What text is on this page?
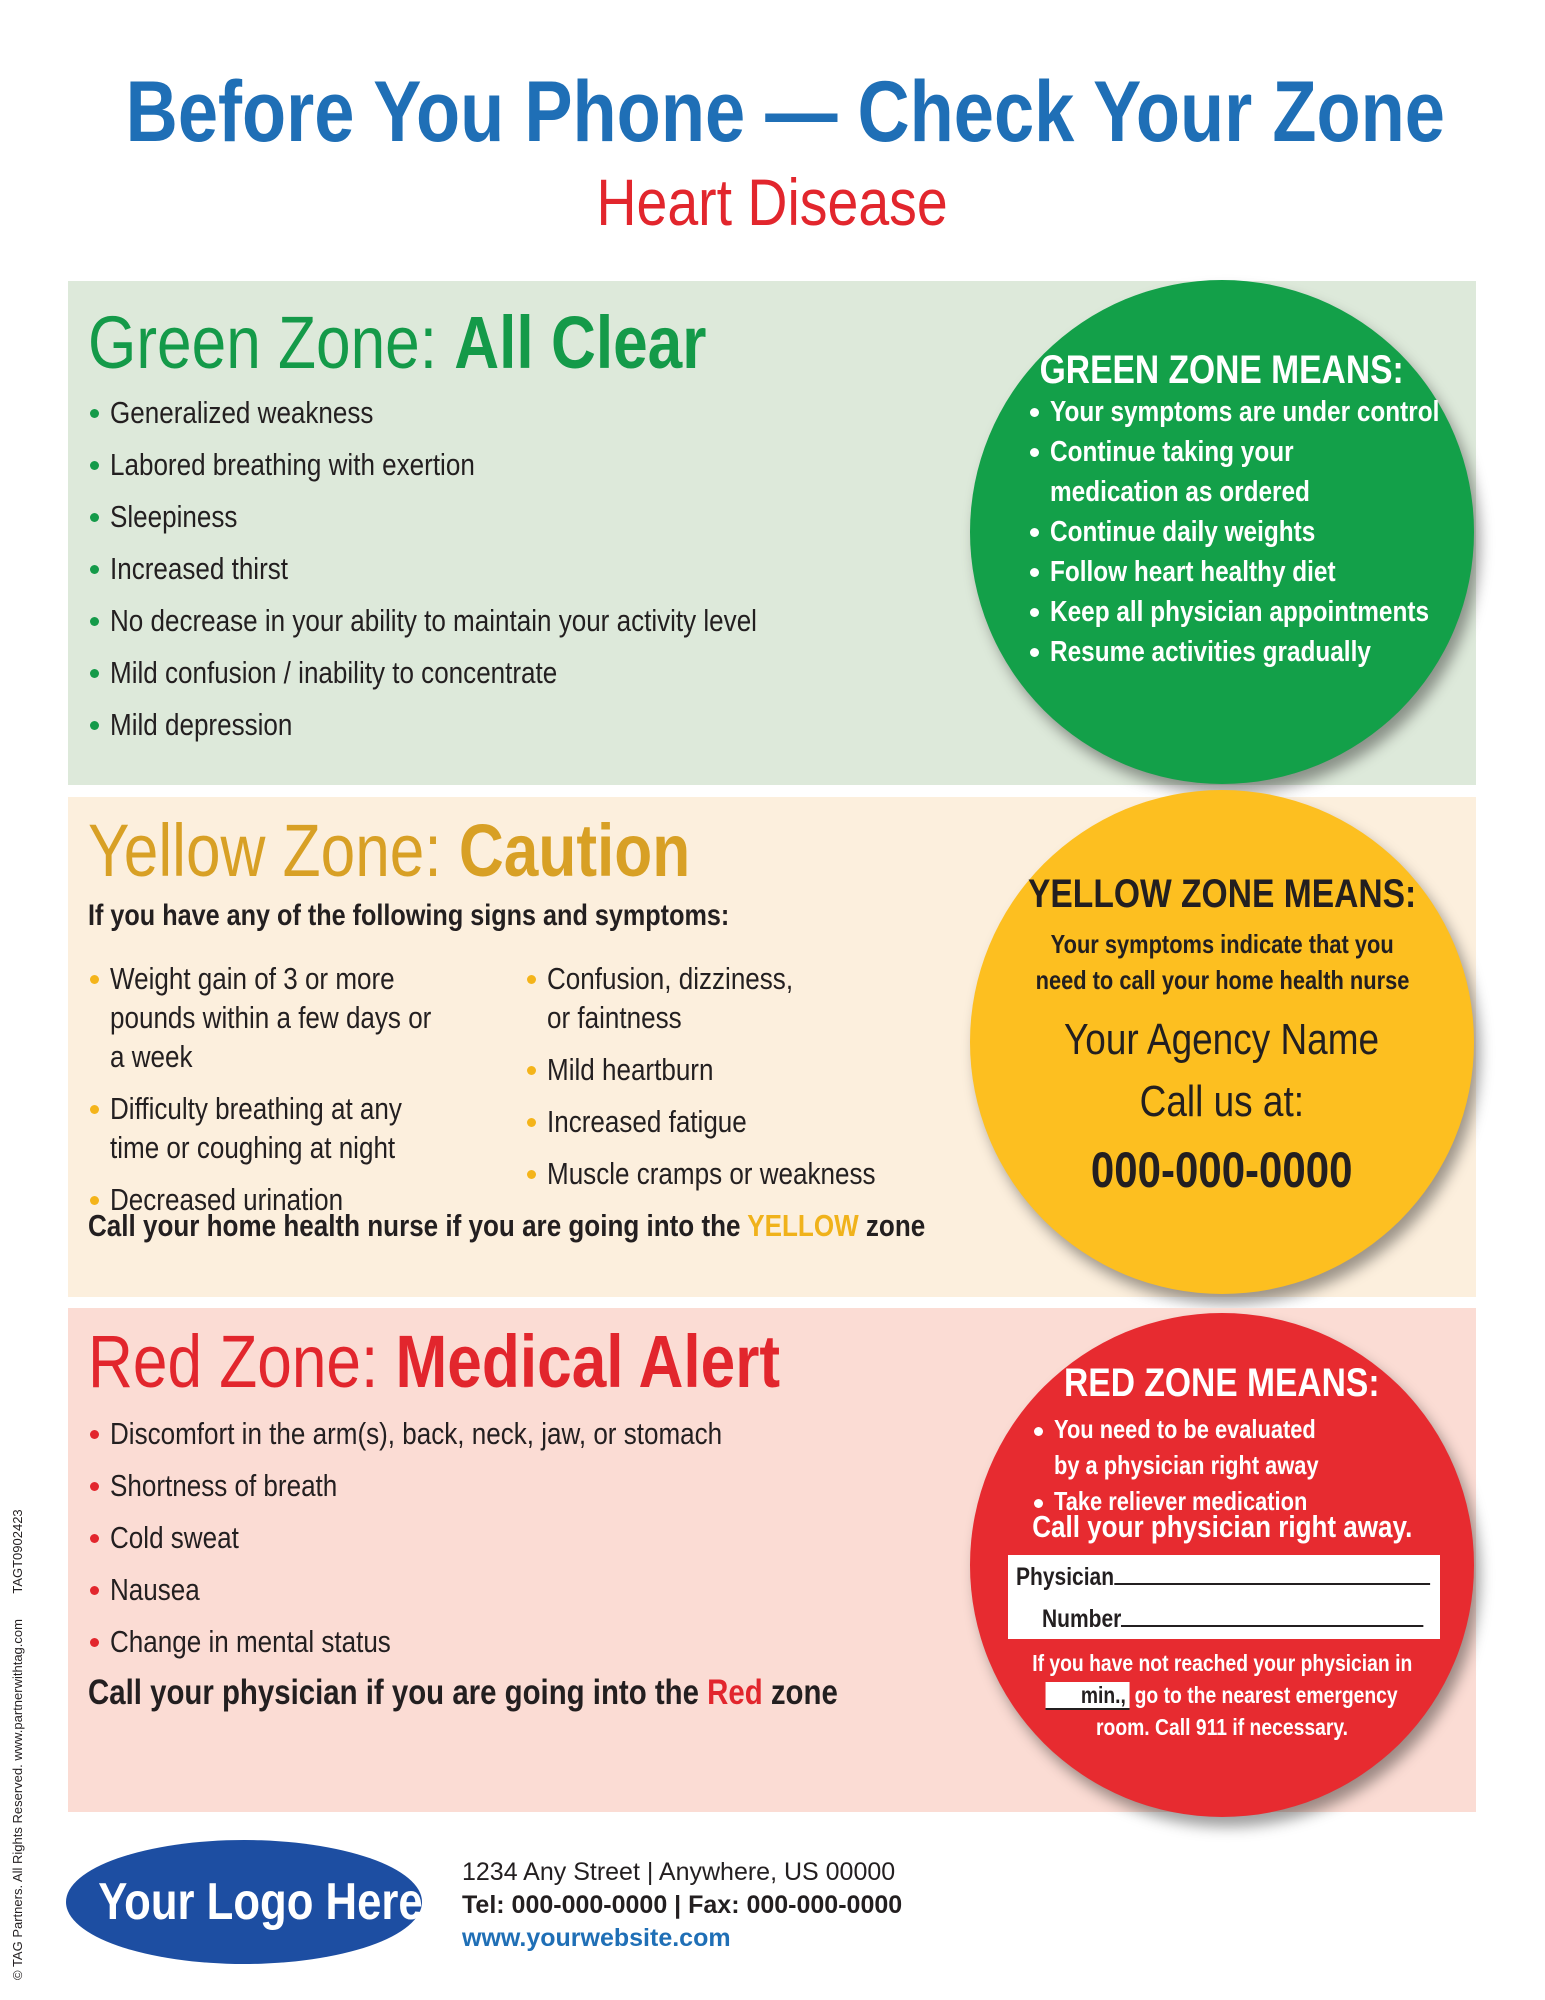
Before You Phone — Check Your Zone
Heart Disease
Green Zone: All Clear
Generalized weakness
Labored breathing with exertion
Sleepiness
Increased thirst
No decrease in your ability to maintain your activity level
Mild confusion / inability to concentrate
Mild depression
GREEN ZONE MEANS:
Your symptoms are under control
Continue taking your medication as ordered
Continue daily weights
Follow heart healthy diet
Keep all physician appointments
Resume activities gradually
Yellow Zone: Caution
If you have any of the following signs and symptoms:
Weight gain of 3 or more pounds within a few days or a week
Difficulty breathing at any time or coughing at night
Decreased urination
Confusion, dizziness, or faintness
Mild heartburn
Increased fatigue
Muscle cramps or weakness
Call your home health nurse if you are going into the YELLOW zone
YELLOW ZONE MEANS:
Your symptoms indicate that you
need to call your home health nurse
Your Agency Name
Call us at:
000-000-0000
Red Zone: Medical Alert
Discomfort in the arm(s), back, neck, jaw, or stomach
Shortness of breath
Cold sweat
Nausea
Change in mental status
Call your physician if you are going into the Red zone
RED ZONE MEANS:
You need to be evaluated by a physician right away
Take reliever medication
Call your physician right away.
Physician
Number
If you have not reached your physician in
min., go to the nearest emergency
room. Call 911 if necessary.
Your Logo Here!
1234 Any Street | Anywhere, US 00000
Tel: 000-000-0000 | Fax: 000-000-0000
www.yourwebsite.com
© TAG Partners. All Rights Reserved. www.partnerwithtag.com TAGT0902423
